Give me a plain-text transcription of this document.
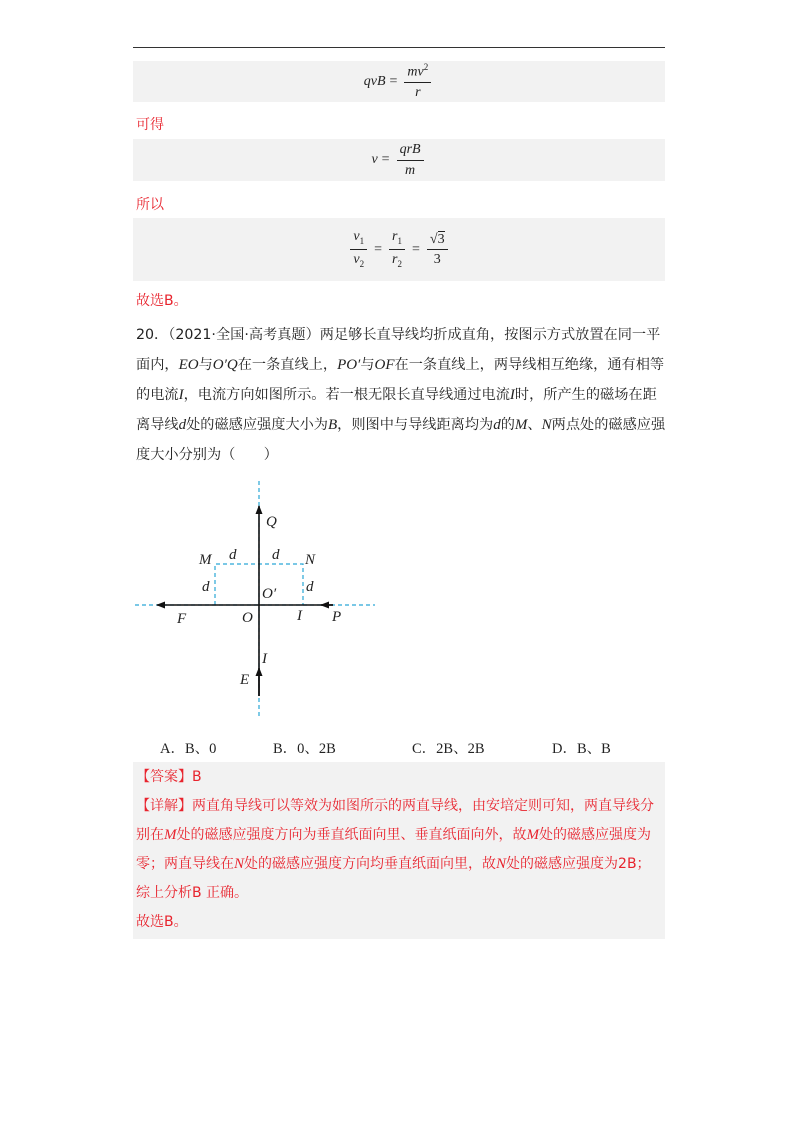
qvB = $\frac{mv^2}{r}$
可得
$v = \frac{\text{qrB}}{m}$
所以
$\frac{v_1}{v_2} = \frac{r_1}{r_2} = \frac{√3}{3}$
故选B。
20．（2021·全国·高考真题）两足够长直导线均折成直角，按图示方式放置在同一平面内，EO与O′Q在一条直线上，PO′与OF在一条直线上，两导线相互绝缘，通有相等的电流I，电流方向如图所示。若一根无限长直导线通过电流I时，所产生的磁场在距离导线d处的磁感应强度大小为B，则图中与导线距离均为d的M、N两点处的磁感应强度大小分别为（　　）
Q
M d d N
d	d
O′
F	O	I P
I
E
A．B、0	B．0、2B	C．2B、2B	D．B、B
【答案】B
【详解】两直角导线可以等效为如图所示的两直导线，由安培定则可知，两直导线分
别在M处的磁感应强度方向为垂直纸面向里、垂直纸面向外，故M处的磁感应强度为
零；两直导线在N处的磁感应强度方向均垂直纸面向里，故N处的磁感应强度为2B；
综上分析B 正确。
故选B。
